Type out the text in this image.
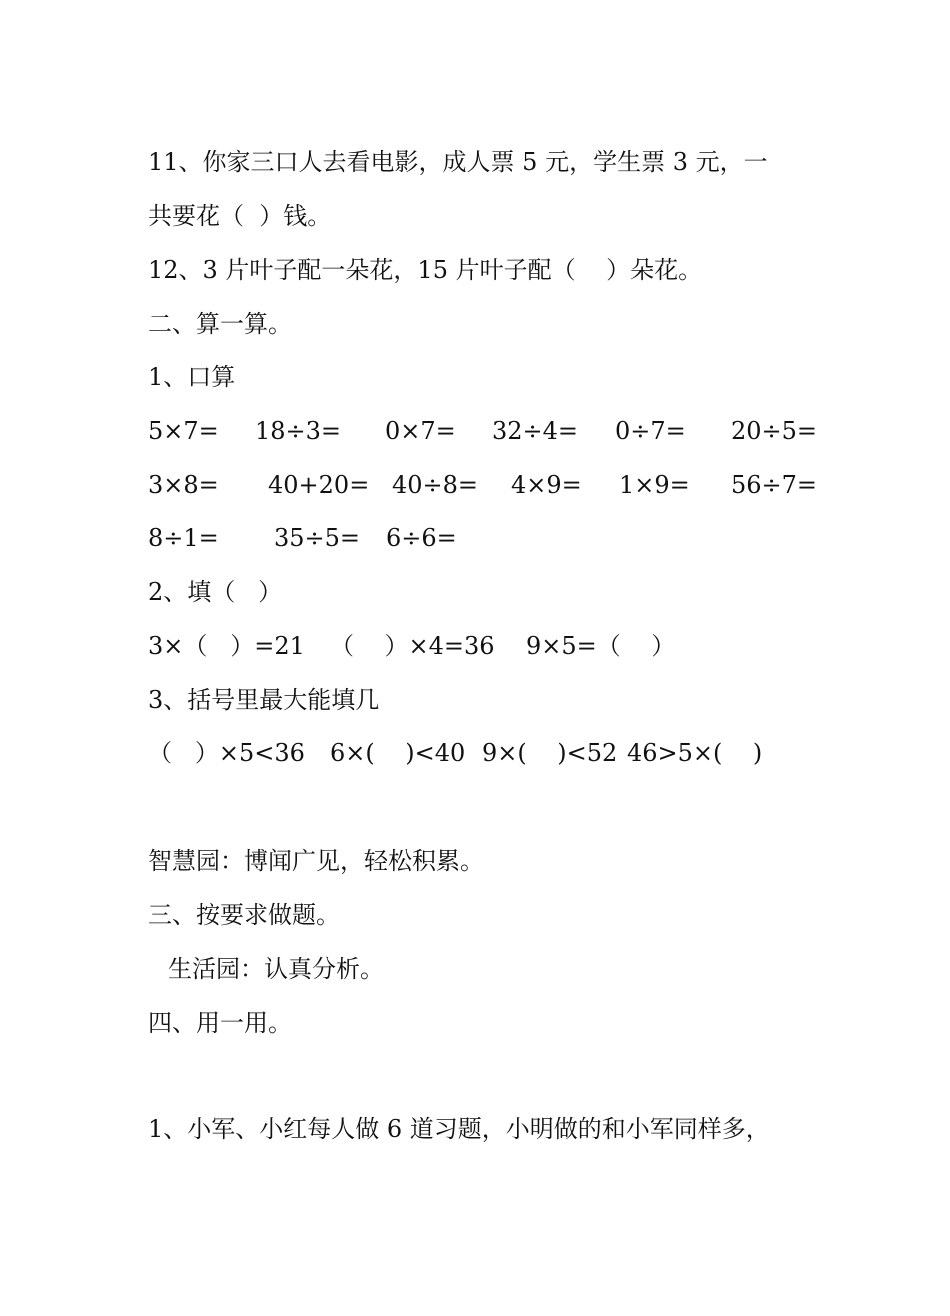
11、你家三口人去看电影，成人票 5 元，学生票 3 元，一
共要花（  ）钱。
12、3 片叶子配一朵花，15 片叶子配（    ）朵花。
二、算一算。
1、口算
5×7= 18÷3= 0×7= 32÷4= 0÷7= 20÷5=
3×8= 40+20= 40÷8= 4×9= 1×9= 56÷7=
8÷1= 35÷5= 6÷6=
2、填（   ）
3×（   ）=21 （    ）×4=36 9×5=（    ）
3、括号里最大能填几
（   ）×5<36 6×(    )<40 9×(    )<52 46>5×(    )
智慧园：博闻广见，轻松积累。
三、按要求做题。
生活园：认真分析。
四、用一用。
1、小军、小红每人做 6 道习题，小明做的和小军同样多，
